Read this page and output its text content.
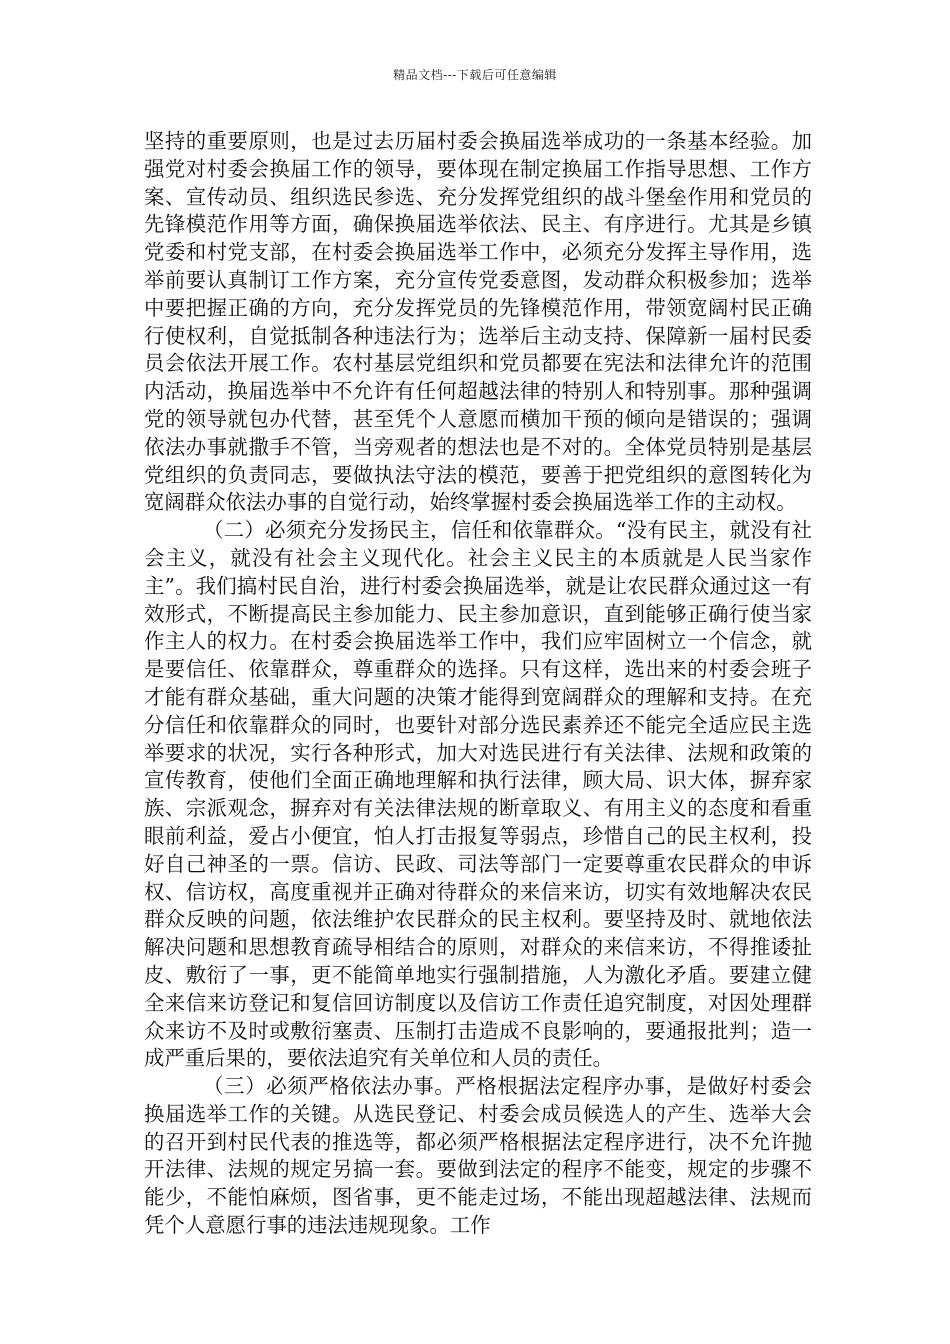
精品文档---下载后可任意编辑

坚持的重要原则，也是过去历届村委会换届选举成功的一条基本经验。加强党对村委会换届工作的领导，要体现在制定换届工作指导思想、工作方案、宣传动员、组织选民参选、充分发挥党组织的战斗堡垒作用和党员的先锋模范作用等方面，确保换届选举依法、民主、有序进行。尤其是乡镇党委和村党支部，在村委会换届选举工作中，必须充分发挥主导作用，选举前要认真制订工作方案，充分宣传党委意图，发动群众积极参加；选举中要把握正确的方向，充分发挥党员的先锋模范作用，带领宽阔村民正确行使权利，自觉抵制各种违法行为；选举后主动支持、保障新一届村民委员会依法开展工作。农村基层党组织和党员都要在宪法和法律允许的范围内活动，换届选举中不允许有任何超越法律的特别人和特别事。那种强调党的领导就包办代替，甚至凭个人意愿而横加干预的倾向是错误的；强调依法办事就撒手不管，当旁观者的想法也是不对的。全体党员特别是基层党组织的负责同志，要做执法守法的模范，要善于把党组织的意图转化为宽阔群众依法办事的自觉行动，始终掌握村委会换届选举工作的主动权。

（二）必须充分发扬民主，信任和依靠群众。“没有民主，就没有社会主义，就没有社会主义现代化。社会主义民主的本质就是人民当家作主”。我们搞村民自治，进行村委会换届选举，就是让农民群众通过这一有效形式，不断提高民主参加能力、民主参加意识，直到能够正确行使当家作主人的权力。在村委会换届选举工作中，我们应牢固树立一个信念，就是要信任、依靠群众，尊重群众的选择。只有这样，选出来的村委会班子才能有群众基础，重大问题的决策才能得到宽阔群众的理解和支持。在充分信任和依靠群众的同时，也要针对部分选民素养还不能完全适应民主选举要求的状况，实行各种形式，加大对选民进行有关法律、法规和政策的宣传教育，使他们全面正确地理解和执行法律，顾大局、识大体，摒弃家族、宗派观念，摒弃对有关法律法规的断章取义、有用主义的态度和看重眼前利益，爱占小便宜，怕人打击报复等弱点，珍惜自己的民主权利，投好自己神圣的一票。信访、民政、司法等部门一定要尊重农民群众的申诉权、信访权，高度重视并正确对待群众的来信来访，切实有效地解决农民群众反映的问题，依法维护农民群众的民主权利。要坚持及时、就地依法解决问题和思想教育疏导相结合的原则，对群众的来信来访，不得推诿扯皮、敷衍了一事，更不能简单地实行强制措施，人为激化矛盾。要建立健全来信来访登记和复信回访制度以及信访工作责任追究制度，对因处理群众来访不及时或敷衍塞责、压制打击造成不良影响的，要通报批判；造一成严重后果的，要依法追究有关单位和人员的责任。

（三）必须严格依法办事。严格根据法定程序办事，是做好村委会换届选举工作的关键。从选民登记、村委会成员候选人的产生、选举大会的召开到村民代表的推选等，都必须严格根据法定程序进行，决不允许抛开法律、法规的规定另搞一套。要做到法定的程序不能变，规定的步骤不能少，不能怕麻烦，图省事，更不能走过场，不能出现超越法律、法规而凭个人意愿行事的违法违规现象。工作
